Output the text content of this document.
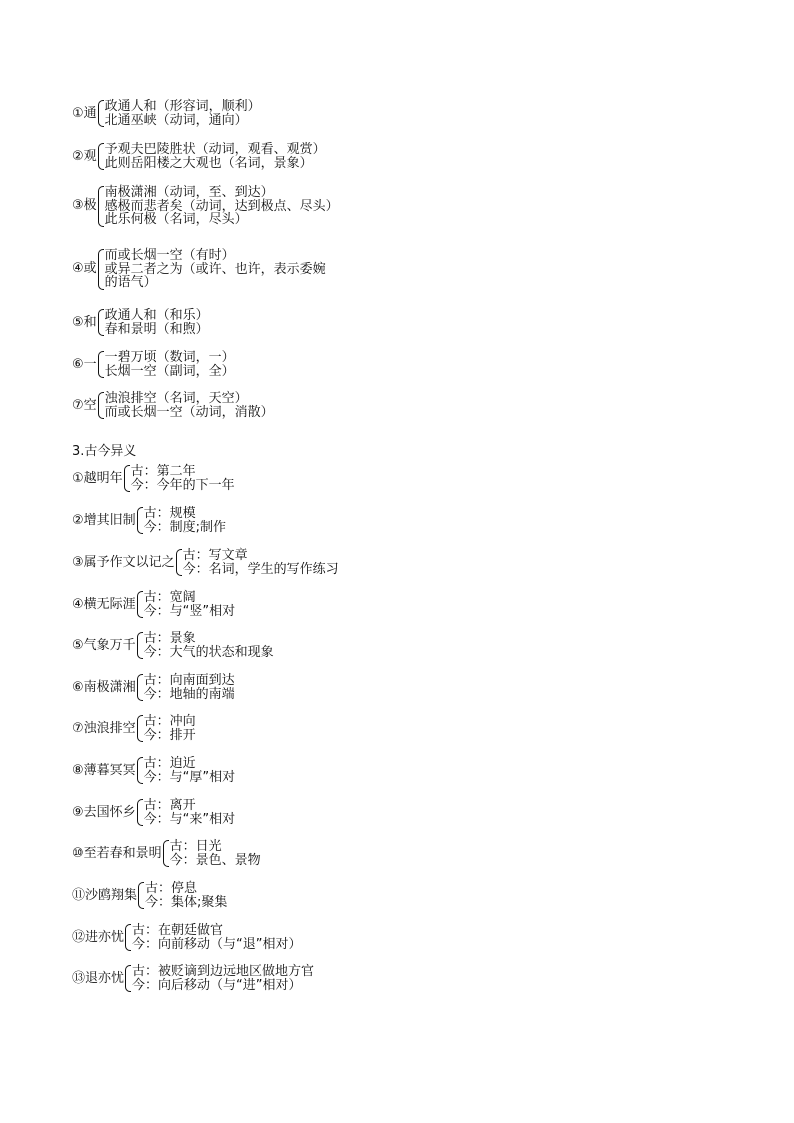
①通 政通人和（形容词，顺利）
北通巫峡（动词，通向）
②观 予观夫巴陵胜状（动词，观看、观赏）
此则岳阳楼之大观也（名词，景象）
③极
南极潇湘（动词，至、到达）
感极而悲者矣（动词，达到极点、尽头）
此乐何极（名词，尽头）
④或
而或长烟一空（有时）
或异二者之为（或许、也许，表示委婉
的语气）
⑤和 政通人和（和乐）
春和景明（和煦）
⑥一 一碧万顷（数词，一）
长烟一空（副词，全）
⑦空 浊浪排空（名词，天空）
而或长烟一空（动词，消散）
3.古今异义
①越明年 古：第二年
今：今年的下一年
②增其旧制 古：规模
今：制度;制作
③属予作文以记之 古：写文章
今：名词，学生的写作练习
④横无际涯 古：宽阔
今：与“竖”相对
⑤气象万千 古：景象
今：大气的状态和现象
⑥南极潇湘 古：向南面到达
今：地轴的南端
⑦浊浪排空 古：冲向
今：排开
⑧薄暮冥冥 古：迫近
今：与“厚”相对
⑨去国怀乡 古：离开
今：与“来”相对
⑩至若春和景明 古：日光
今：景色、景物
⑪沙鸥翔集 古：停息
今：集体;聚集
⑫进亦忧 古：在朝廷做官
今：向前移动（与“退”相对）
⑬退亦忧 古：被贬谪到边远地区做地方官
今：向后移动（与“进”相对）
